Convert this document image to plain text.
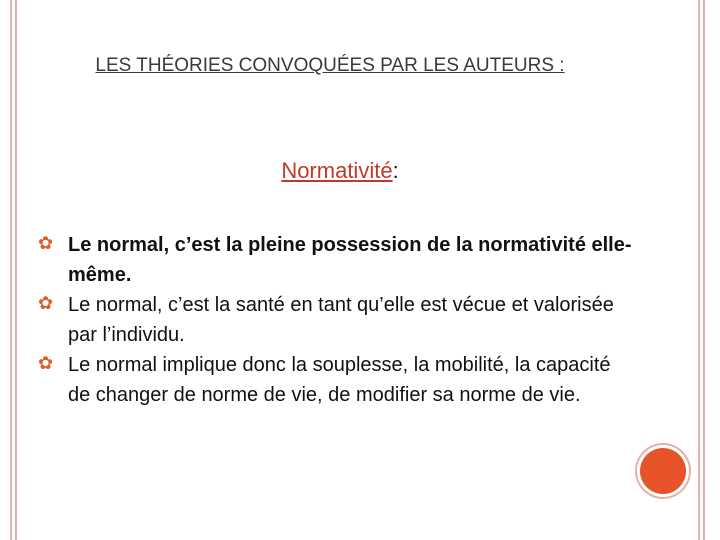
LES THÉORIES CONVOQUÉES PAR LES AUTEURS :
Normativité:
✿ Le normal, c’est la pleine possession de la normativité elle-même.
✿ Le normal, c’est la santé en tant qu’elle est vécue et valorisée par l’individu.
✿ Le normal implique donc la souplesse, la mobilité, la capacité de changer de norme de vie, de modifier sa norme de vie.
